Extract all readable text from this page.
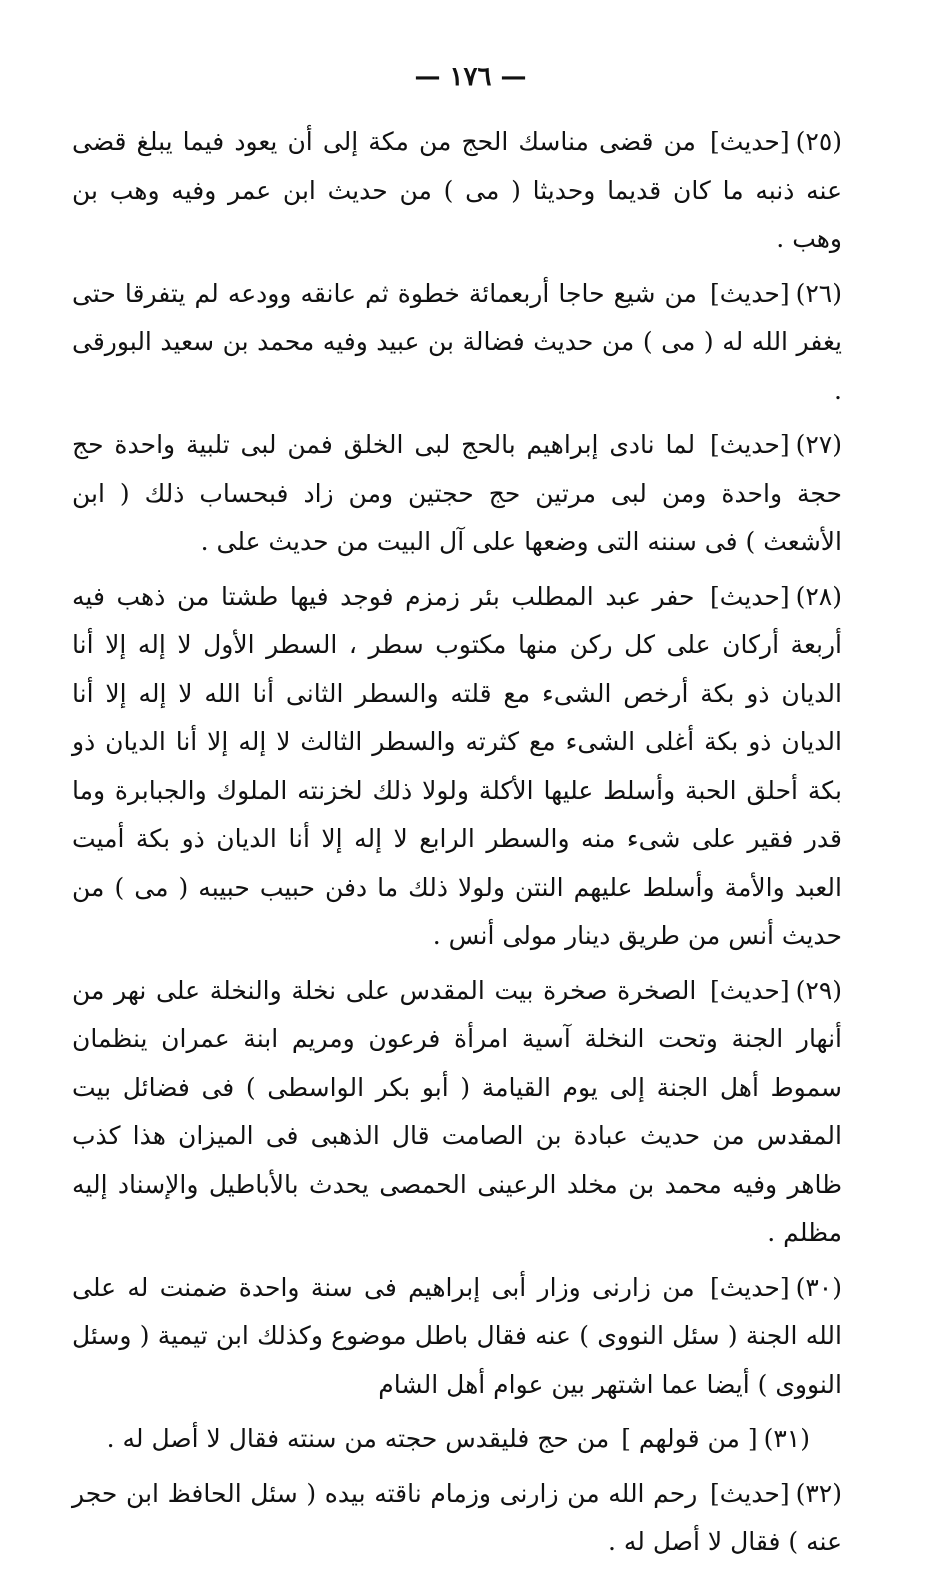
— ١٧٦ —

(٢٥)[حديث] من قضى مناسك الحج من مكة إلى أن يعود فيما يبلغ قضى عنه ذنبه ما كان قديما وحديثا ( مى ) من حديث ابن عمر وفيه وهب بن وهب .

(٢٦)[حديث] من شيع حاجا أربعمائة خطوة ثم عانقه وودعه لم يتفرقا حتى يغفر الله له ( مى ) من حديث فضالة بن عبيد وفيه محمد بن سعيد البورقى .

(٢٧)[حديث] لما نادى إبراهيم بالحج لبى الخلق فمن لبى تلبية واحدة حج حجة واحدة ومن لبى مرتين حج حجتين ومن زاد فبحساب ذلك ( ابن الأشعث ) فى سننه التى وضعها على آل البيت من حديث على .

(٢٨)[حديث] حفر عبد المطلب بئر زمزم فوجد فيها طشتا من ذهب فيه أربعة أركان على كل ركن منها مكتوب سطر ، السطر الأول لا إله إلا أنا الديان ذو بكة أرخص الشىء مع قلته والسطر الثانى أنا الله لا إله إلا أنا الديان ذو بكة أغلى الشىء مع كثرته والسطر الثالث لا إله إلا أنا الديان ذو بكة أحلق الحبة وأسلط عليها الأكلة ولولا ذلك لخزنته الملوك والجبابرة وما قدر فقير على شىء منه والسطر الرابع لا إله إلا أنا الديان ذو بكة أميت العبد والأمة وأسلط عليهم النتن ولولا ذلك ما دفن حبيب حبيبه ( مى ) من حديث أنس من طريق دينار مولى أنس .

(٢٩)[حديث] الصخرة صخرة بيت المقدس على نخلة والنخلة على نهر من أنهار الجنة وتحت النخلة آسية امرأة فرعون ومريم ابنة عمران ينظمان سموط أهل الجنة إلى يوم القيامة ( أبو بكر الواسطى ) فى فضائل بيت المقدس من حديث عبادة بن الصامت قال الذهبى فى الميزان هذا كذب ظاهر وفيه محمد بن مخلد الرعينى الحمصى يحدث بالأباطيل والإسناد إليه مظلم .

(٣٠)[حديث] من زارنى وزار أبى إبراهيم فى سنة واحدة ضمنت له على الله الجنة ( سئل النووى ) عنه فقال باطل موضوع وكذلك ابن تيمية ( وسئل النووى ) أيضا عما اشتهر بين عوام أهل الشام

(٣١)[ من قولهم ] من حج فليقدس حجته من سنته فقال لا أصل له .

(٣٢)[حديث] رحم الله من زارنى وزمام ناقته بيده ( سئل الحافظ ابن حجر عنه ) فقال لا أصل له .
